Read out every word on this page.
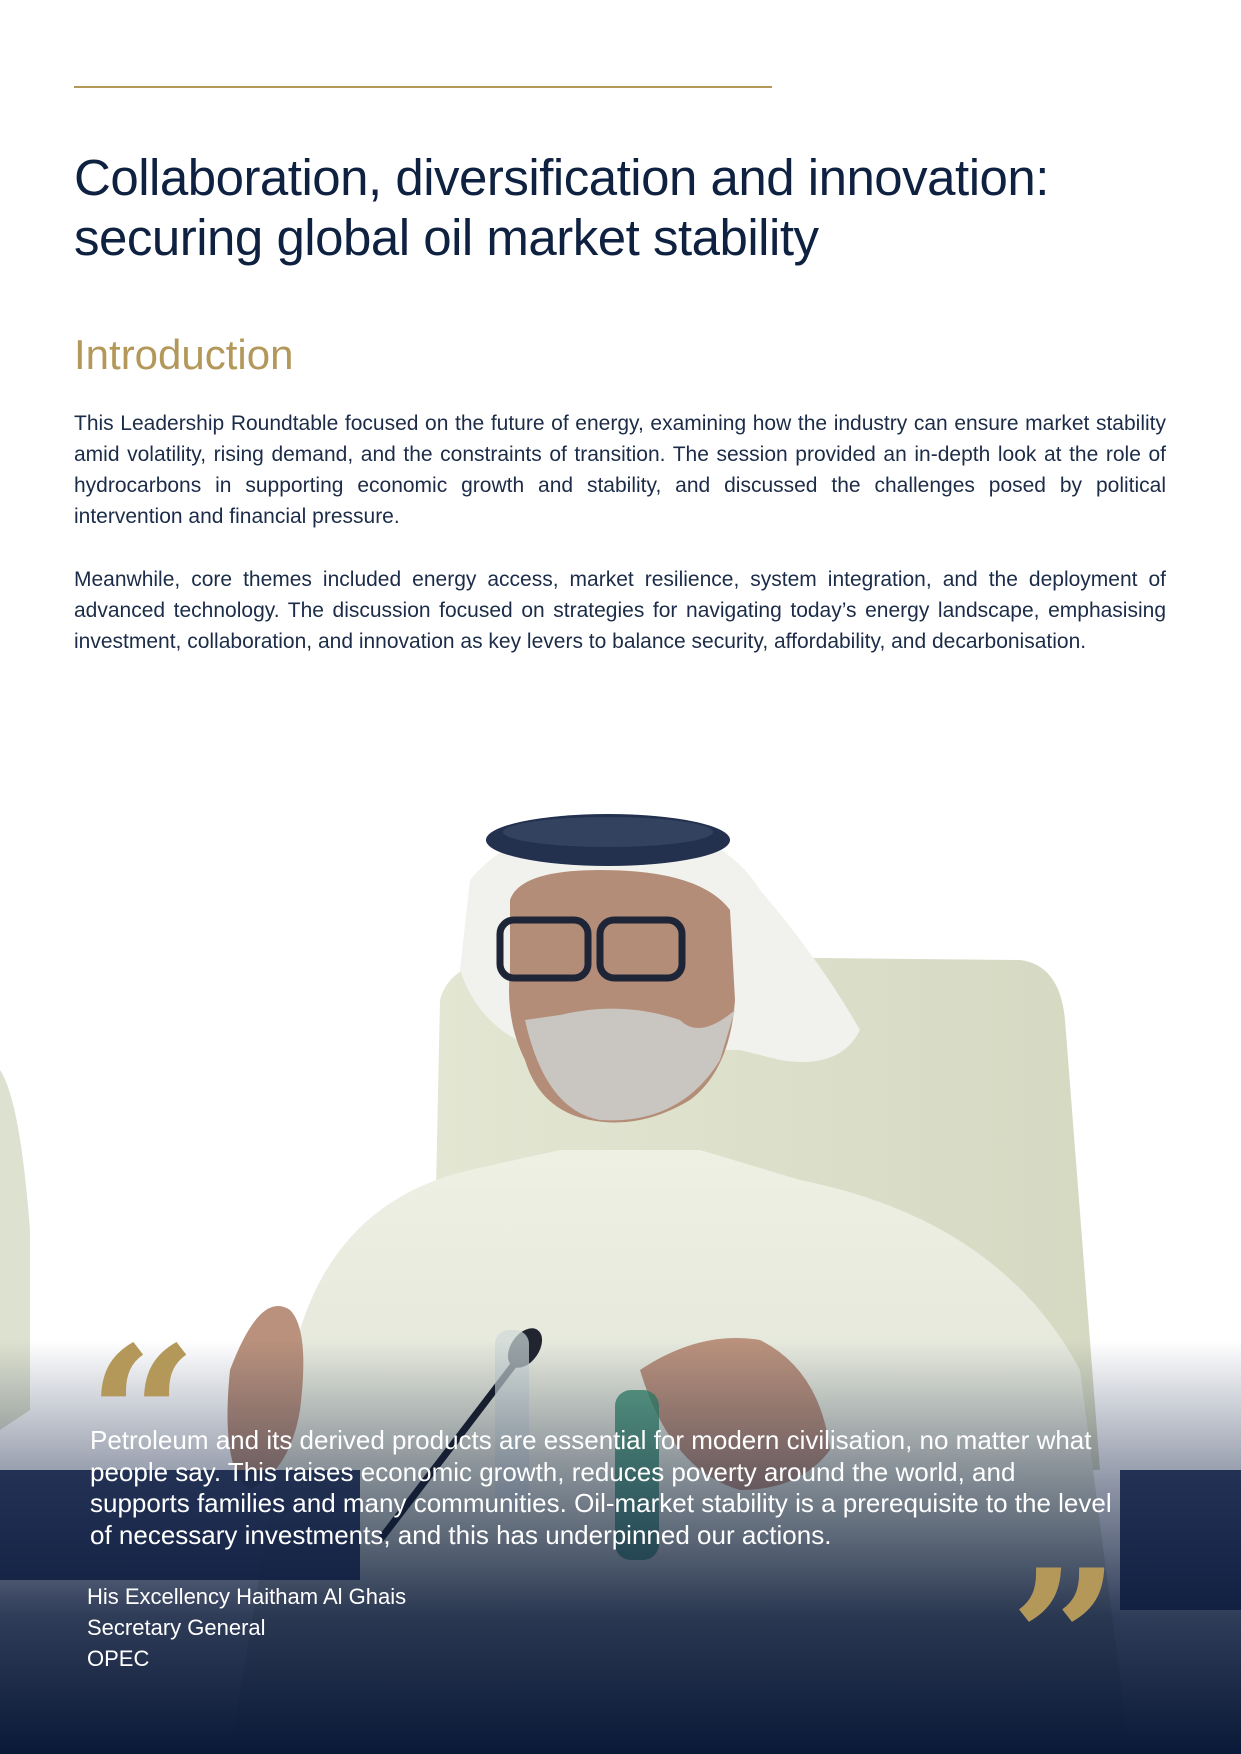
Collaboration, diversification and innovation: securing global oil market stability
Introduction

This Leadership Roundtable focused on the future of energy, examining how the industry can ensure market stability amid volatility, rising demand, and the constraints of transition. The session provided an in-depth look at the role of hydrocarbons in supporting economic growth and stability, and discussed the challenges posed by political intervention and financial pressure.

Meanwhile, core themes included energy access, market resilience, system integration, and the deployment of advanced technology. The discussion focused on strategies for navigating today’s energy landscape, emphasising investment, collaboration, and innovation as key levers to balance security, affordability, and decarbonisation.

Petroleum and its derived products are essential for modern civilisation, no matter what people say. This raises economic growth, reduces poverty around the world, and supports families and many communities. Oil-market stability is a prerequisite to the level of necessary investments, and this has underpinned our actions.

His Excellency Haitham Al Ghais
Secretary General
OPEC
